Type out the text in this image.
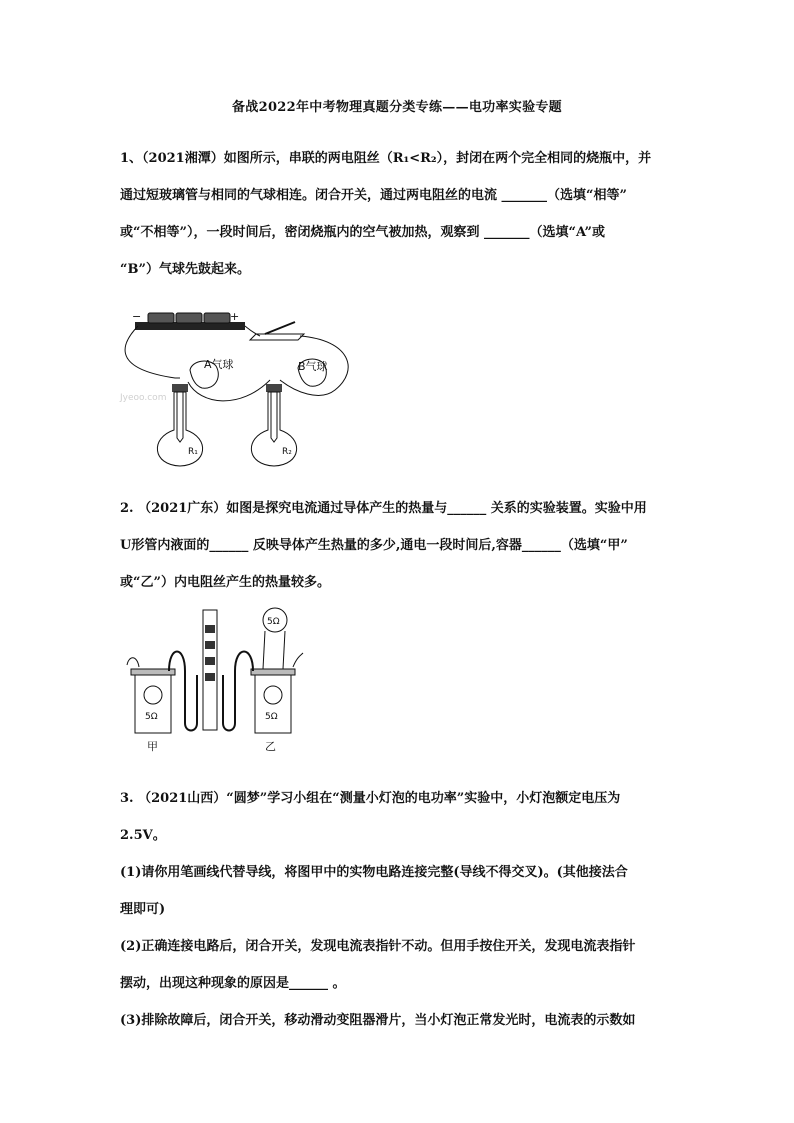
备战2022年中考物理真题分类专练——电功率实验专题
1、（2021湘潭）如图所示，串联的两电阻丝（R₁<R₂），封闭在两个完全相同的烧瓶中，并
通过短玻璃管与相同的气球相连。闭合开关，通过两电阻丝的电流 _______（选填“相等”
或“不相等”），一段时间后，密闭烧瓶内的空气被加热，观察到 _______（选填“A”或
“B”）气球先鼓起来。
−	+
A气球	B气球
R₁	R₂
Jyeoo.com
2. （2021广东）如图是探究电流通过导体产生的热量与______ 关系的实验装置。实验中用
U形管内液面的______ 反映导体产生热量的多少,通电一段时间后,容器______（选填“甲”
或“乙”）内电阻丝产生的热量较多。
5Ω	5Ω
5Ω
甲	乙
3. （2021山西）“圆梦”学习小组在“测量小灯泡的电功率”实验中，小灯泡额定电压为
2.5V。
(1)请你用笔画线代替导线，将图甲中的实物电路连接完整(导线不得交叉)。(其他接法合
理即可)
(2)正确连接电路后，闭合开关，发现电流表指针不动。但用手按住开关，发现电流表指针
摆动，出现这种现象的原因是______ 。
(3)排除故障后，闭合开关，移动滑动变阻器滑片，当小灯泡正常发光时，电流表的示数如
